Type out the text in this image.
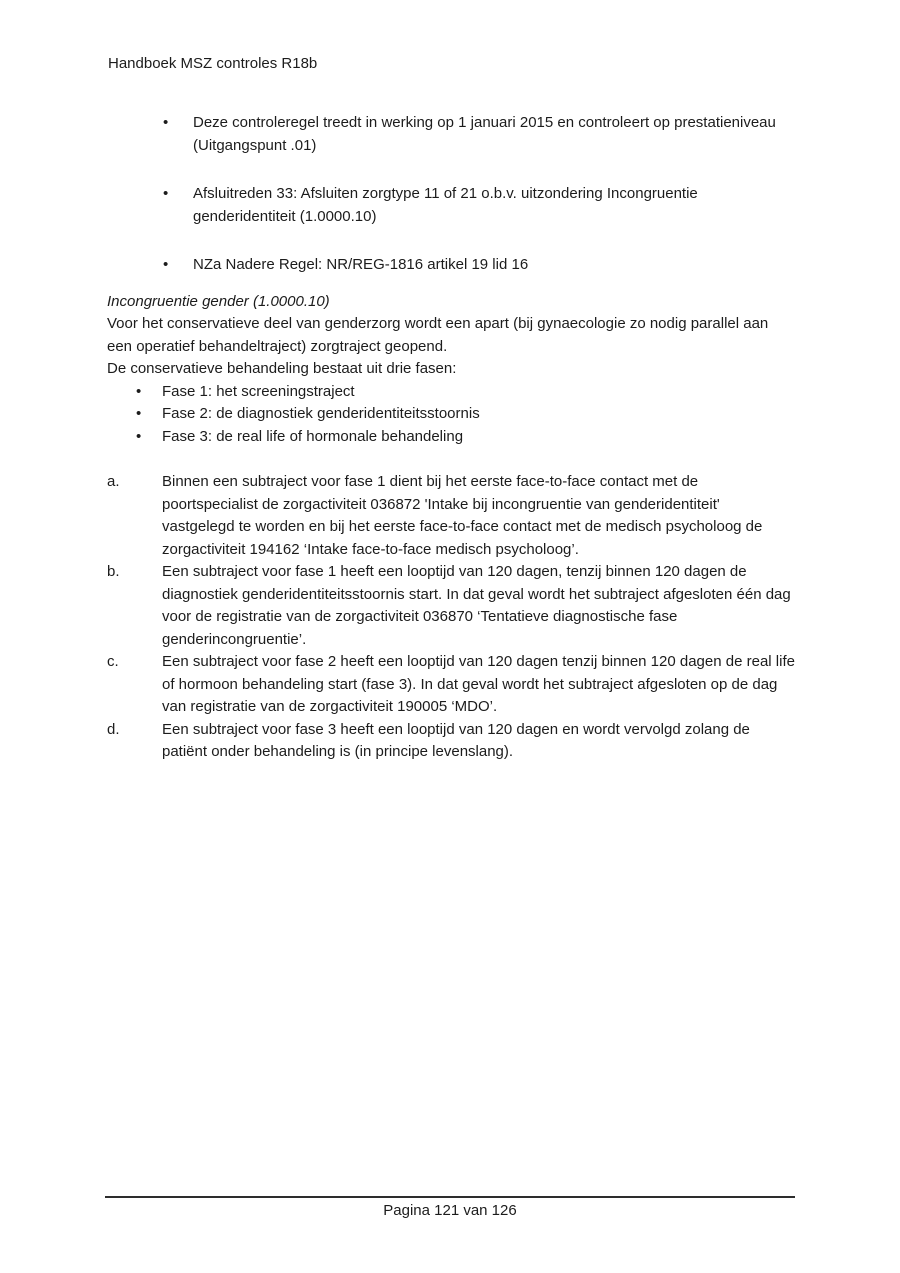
Handboek MSZ controles R18b
•	Deze controleregel treedt in werking op 1 januari 2015 en controleert op prestatieniveau (Uitgangspunt .01)
•	Afsluitreden 33: Afsluiten zorgtype 11 of 21 o.b.v. uitzondering Incongruentie genderidentiteit (1.0000.10)
•	NZa Nadere Regel: NR/REG-1816 artikel 19 lid 16
Incongruentie gender (1.0000.10)

Voor het conservatieve deel van genderzorg wordt een apart (bij gynaecologie zo nodig parallel aan een operatief behandeltraject) zorgtraject geopend.

De conservatieve behandeling bestaat uit drie fasen:

•	Fase 1: het screeningstraject
•	Fase 2: de diagnostiek genderidentiteitsstoornis
•	Fase 3: de real life of hormonale behandeling
a.	Binnen een subtraject voor fase 1 dient bij het eerste face-to-face contact met de poortspecialist de zorgactiviteit 036872 'Intake bij incongruentie van genderidentiteit' vastgelegd te worden en bij het eerste face-to-face contact met de medisch psycholoog de zorgactiviteit 194162 ‘Intake face-to-face medisch psycholoog’.
b.	Een subtraject voor fase 1 heeft een looptijd van 120 dagen, tenzij binnen 120 dagen de diagnostiek genderidentiteitsstoornis start. In dat geval wordt het subtraject afgesloten één dag voor de registratie van de zorgactiviteit 036870 ‘Tentatieve diagnostische fase genderincongruentie’.
c.	Een subtraject voor fase 2 heeft een looptijd van 120 dagen tenzij binnen 120 dagen de real life of hormoon behandeling start (fase 3). In dat geval wordt het subtraject afgesloten op de dag van registratie van de zorgactiviteit 190005 ‘MDO’.
d.	Een subtraject voor fase 3 heeft een looptijd van 120 dagen en wordt vervolgd zolang de patiënt onder behandeling is (in principe levenslang).
Pagina 121 van 126
